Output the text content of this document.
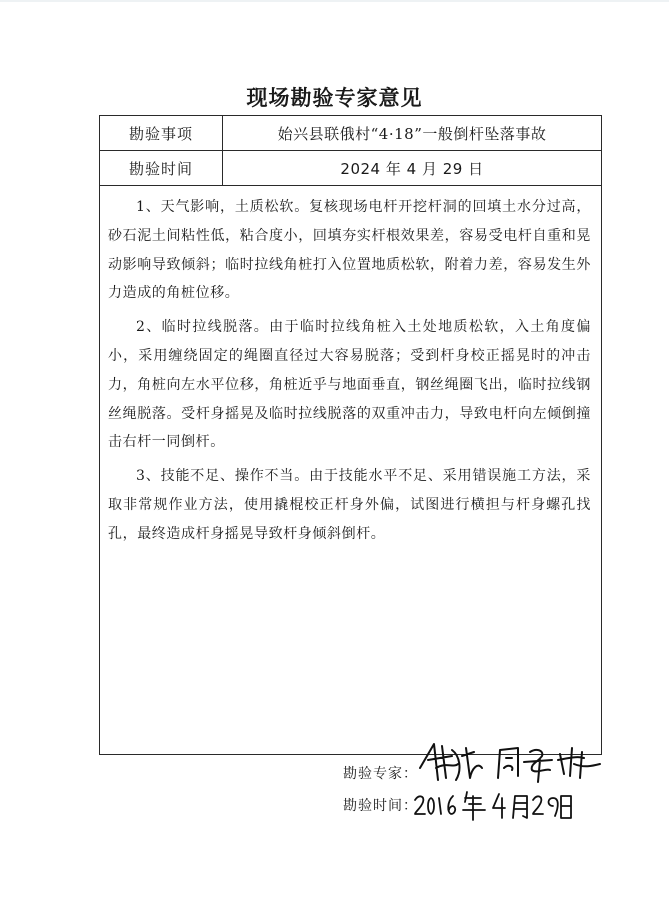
现场勘验专家意见
勘验事项	始兴县联俄村“4·18”一般倒杆坠落事故
勘验时间	2024 年 4 月 29 日

1、天气影响，土质松软。复核现场电杆开挖杆洞的回填土水分过高，砂石泥土间粘性低，粘合度小，回填夯实杆根效果差，容易受电杆自重和晃动影响导致倾斜；临时拉线角桩打入位置地质松软，附着力差，容易发生外力造成的角桩位移。

2、临时拉线脱落。由于临时拉线角桩入土处地质松软，入土角度偏小，采用缠绕固定的绳圈直径过大容易脱落；受到杆身校正摇晃时的冲击力，角桩向左水平位移，角桩近乎与地面垂直，钢丝绳圈飞出，临时拉线钢丝绳脱落。受杆身摇晃及临时拉线脱落的双重冲击力，导致电杆向左倾倒撞击右杆一同倒杆。

3、技能不足、操作不当。由于技能水平不足、采用错误施工方法，采取非常规作业方法，使用撬棍校正杆身外偏，试图进行横担与杆身螺孔找孔，最终造成杆身摇晃导致杆身倾斜倒杆。

勘验专家：
勘验时间：
